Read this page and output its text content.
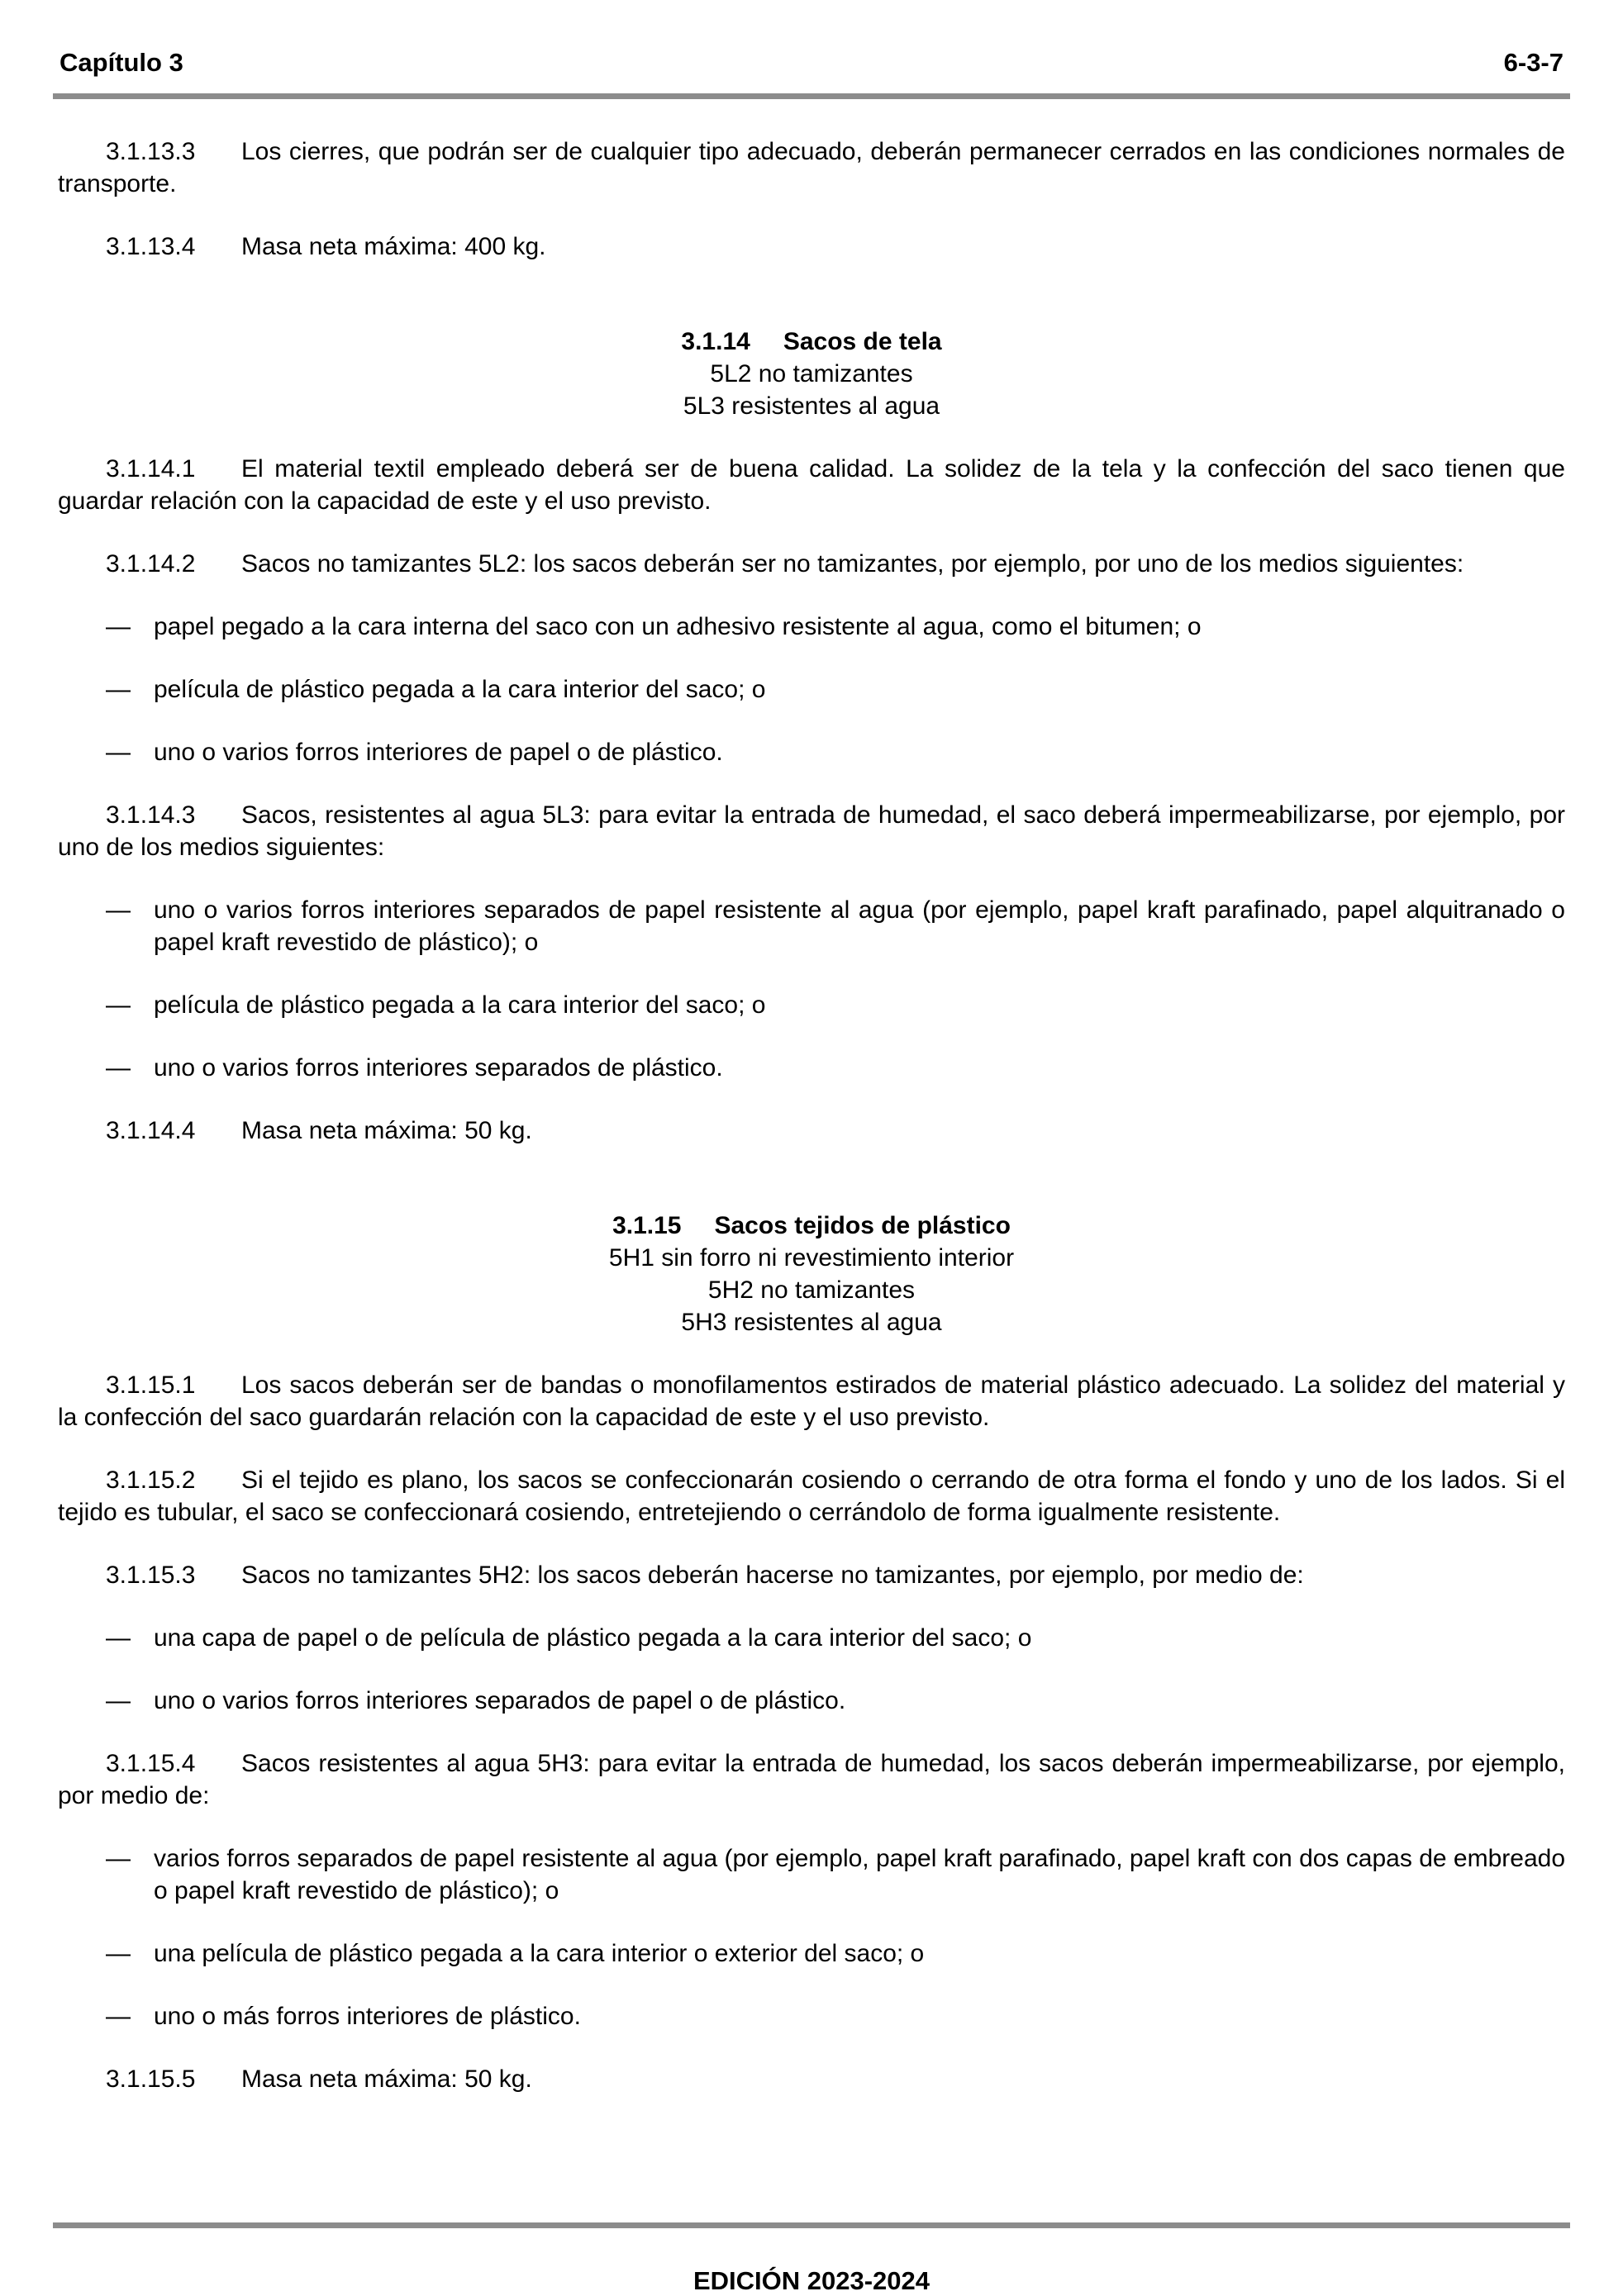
Capítulo 3	6-3-7

3.1.13.3 Los cierres, que podrán ser de cualquier tipo adecuado, deberán permanecer cerrados en las condiciones normales de transporte.

3.1.13.4 Masa neta máxima: 400 kg.

3.1.14 Sacos de tela
5L2 no tamizantes
5L3 resistentes al agua

3.1.14.1 El material textil empleado deberá ser de buena calidad. La solidez de la tela y la confección del saco tienen que guardar relación con la capacidad de este y el uso previsto.

3.1.14.2 Sacos no tamizantes 5L2: los sacos deberán ser no tamizantes, por ejemplo, por uno de los medios siguientes:

— papel pegado a la cara interna del saco con un adhesivo resistente al agua, como el bitumen; o
— película de plástico pegada a la cara interior del saco; o
— uno o varios forros interiores de papel o de plástico.

3.1.14.3 Sacos, resistentes al agua 5L3: para evitar la entrada de humedad, el saco deberá impermeabilizarse, por ejemplo, por uno de los medios siguientes:

— uno o varios forros interiores separados de papel resistente al agua (por ejemplo, papel kraft parafinado, papel alquitranado o papel kraft revestido de plástico); o
— película de plástico pegada a la cara interior del saco; o
— uno o varios forros interiores separados de plástico.

3.1.14.4 Masa neta máxima: 50 kg.

3.1.15 Sacos tejidos de plástico
5H1 sin forro ni revestimiento interior
5H2 no tamizantes
5H3 resistentes al agua

3.1.15.1 Los sacos deberán ser de bandas o monofilamentos estirados de material plástico adecuado. La solidez del material y la confección del saco guardarán relación con la capacidad de este y el uso previsto.

3.1.15.2 Si el tejido es plano, los sacos se confeccionarán cosiendo o cerrando de otra forma el fondo y uno de los lados. Si el tejido es tubular, el saco se confeccionará cosiendo, entretejiendo o cerrándolo de forma igualmente resistente.

3.1.15.3 Sacos no tamizantes 5H2: los sacos deberán hacerse no tamizantes, por ejemplo, por medio de:

— una capa de papel o de película de plástico pegada a la cara interior del saco; o
— uno o varios forros interiores separados de papel o de plástico.

3.1.15.4 Sacos resistentes al agua 5H3: para evitar la entrada de humedad, los sacos deberán impermeabilizarse, por ejemplo, por medio de:

— varios forros separados de papel resistente al agua (por ejemplo, papel kraft parafinado, papel kraft con dos capas de embreado o papel kraft revestido de plástico); o
— una película de plástico pegada a la cara interior o exterior del saco; o
— uno o más forros interiores de plástico.

3.1.15.5 Masa neta máxima: 50 kg.

EDICIÓN 2023-2024
